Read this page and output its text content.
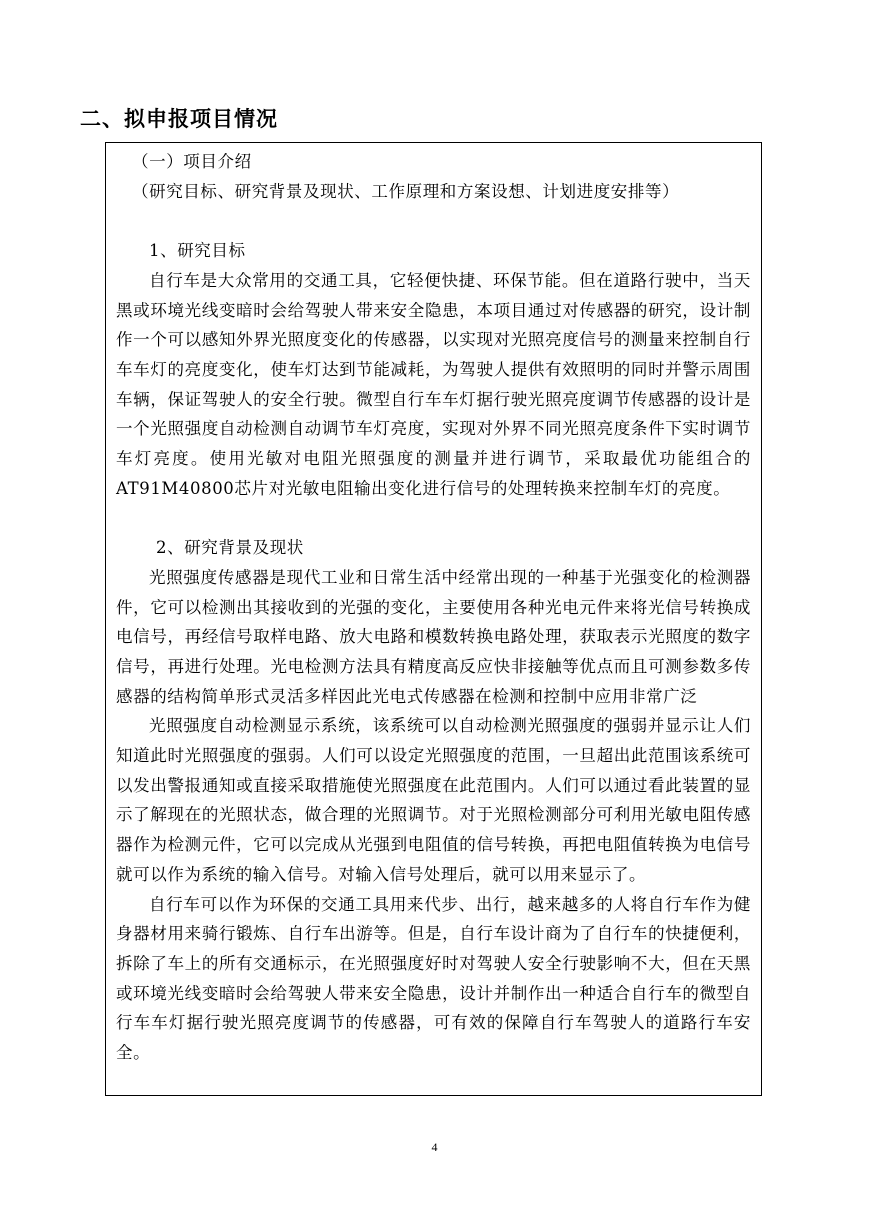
二、拟申报项目情况

（一）项目介绍

（研究目标、研究背景及现状、工作原理和方案设想、计划进度安排等）

1、研究目标

自行车是大众常用的交通工具，它轻便快捷、环保节能。但在道路行驶中，当天黑或环境光线变暗时会给驾驶人带来安全隐患，本项目通过对传感器的研究，设计制作一个可以感知外界光照度变化的传感器，以实现对光照亮度信号的测量来控制自行车车灯的亮度变化，使车灯达到节能减耗，为驾驶人提供有效照明的同时并警示周围车辆，保证驾驶人的安全行驶。微型自行车车灯据行驶光照亮度调节传感器的设计是一个光照强度自动检测自动调节车灯亮度，实现对外界不同光照亮度条件下实时调节车灯亮度。使用光敏对电阻光照强度的测量并进行调节，采取最优功能组合的AT91M40800芯片对光敏电阻输出变化进行信号的处理转换来控制车灯的亮度。

2、研究背景及现状

光照强度传感器是现代工业和日常生活中经常出现的一种基于光强变化的检测器件，它可以检测出其接收到的光强的变化，主要使用各种光电元件来将光信号转换成电信号，再经信号取样电路、放大电路和模数转换电路处理，获取表示光照度的数字信号，再进行处理。光电检测方法具有精度高反应快非接触等优点而且可测参数多传感器的结构简单形式灵活多样因此光电式传感器在检测和控制中应用非常广泛

光照强度自动检测显示系统，该系统可以自动检测光照强度的强弱并显示让人们知道此时光照强度的强弱。人们可以设定光照强度的范围，一旦超出此范围该系统可以发出警报通知或直接采取措施使光照强度在此范围内。人们可以通过看此装置的显示了解现在的光照状态，做合理的光照调节。对于光照检测部分可利用光敏电阻传感器作为检测元件，它可以完成从光强到电阻值的信号转换，再把电阻值转换为电信号就可以作为系统的输入信号。对输入信号处理后，就可以用来显示了。

自行车可以作为环保的交通工具用来代步、出行，越来越多的人将自行车作为健身器材用来骑行锻炼、自行车出游等。但是，自行车设计商为了自行车的快捷便利，拆除了车上的所有交通标示，在光照强度好时对驾驶人安全行驶影响不大，但在天黑或环境光线变暗时会给驾驶人带来安全隐患，设计并制作出一种适合自行车的微型自行车车灯据行驶光照亮度调节的传感器，可有效的保障自行车驾驶人的道路行车安全。

4
